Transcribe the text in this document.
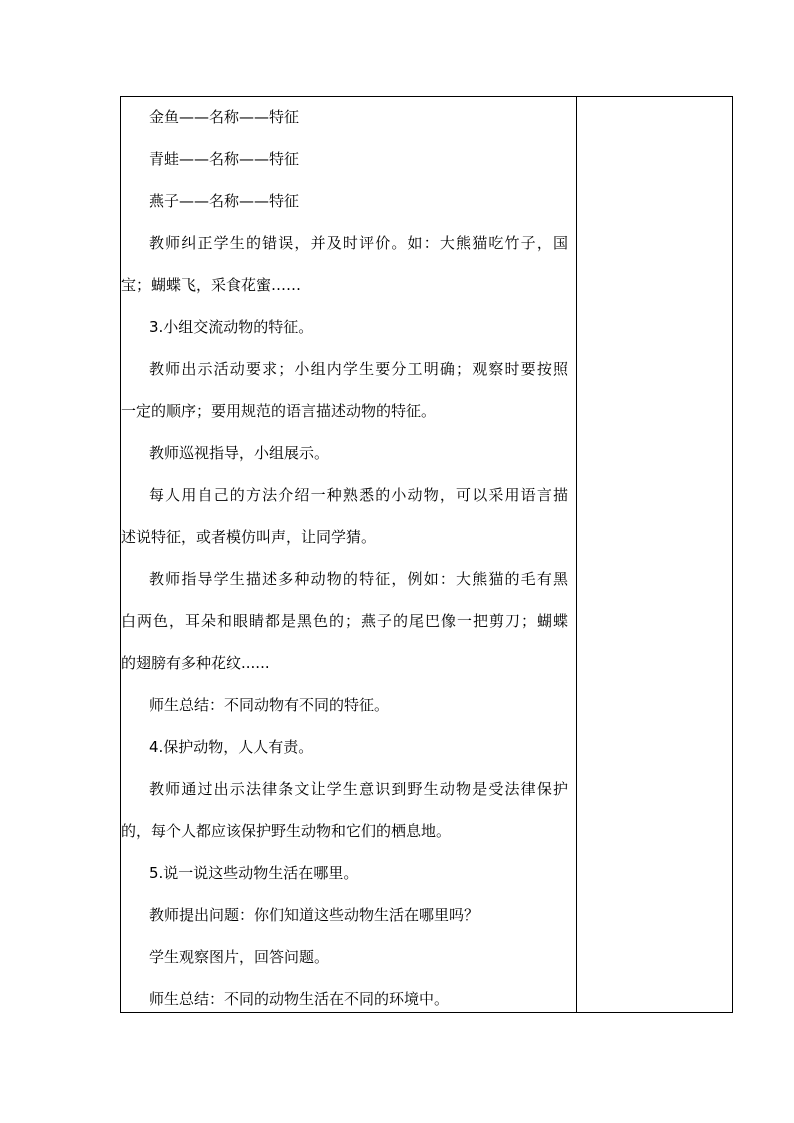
金鱼——名称——特征
青蛙——名称——特征
燕子——名称——特征
教师纠正学生的错误，并及时评价。如：大熊猫吃竹子，国
宝；蝴蝶飞，采食花蜜……
3.小组交流动物的特征。
教师出示活动要求；小组内学生要分工明确；观察时要按照
一定的顺序；要用规范的语言描述动物的特征。
教师巡视指导，小组展示。
每人用自己的方法介绍一种熟悉的小动物，可以采用语言描
述说特征，或者模仿叫声，让同学猜。
教师指导学生描述多种动物的特征，例如：大熊猫的毛有黑
白两色，耳朵和眼睛都是黑色的；燕子的尾巴像一把剪刀；蝴蝶
的翅膀有多种花纹......
师生总结：不同动物有不同的特征。
4.保护动物，人人有责。
教师通过出示法律条文让学生意识到野生动物是受法律保护
的，每个人都应该保护野生动物和它们的栖息地。
5.说一说这些动物生活在哪里。
教师提出问题：你们知道这些动物生活在哪里吗？
学生观察图片，回答问题。
师生总结：不同的动物生活在不同的环境中。
